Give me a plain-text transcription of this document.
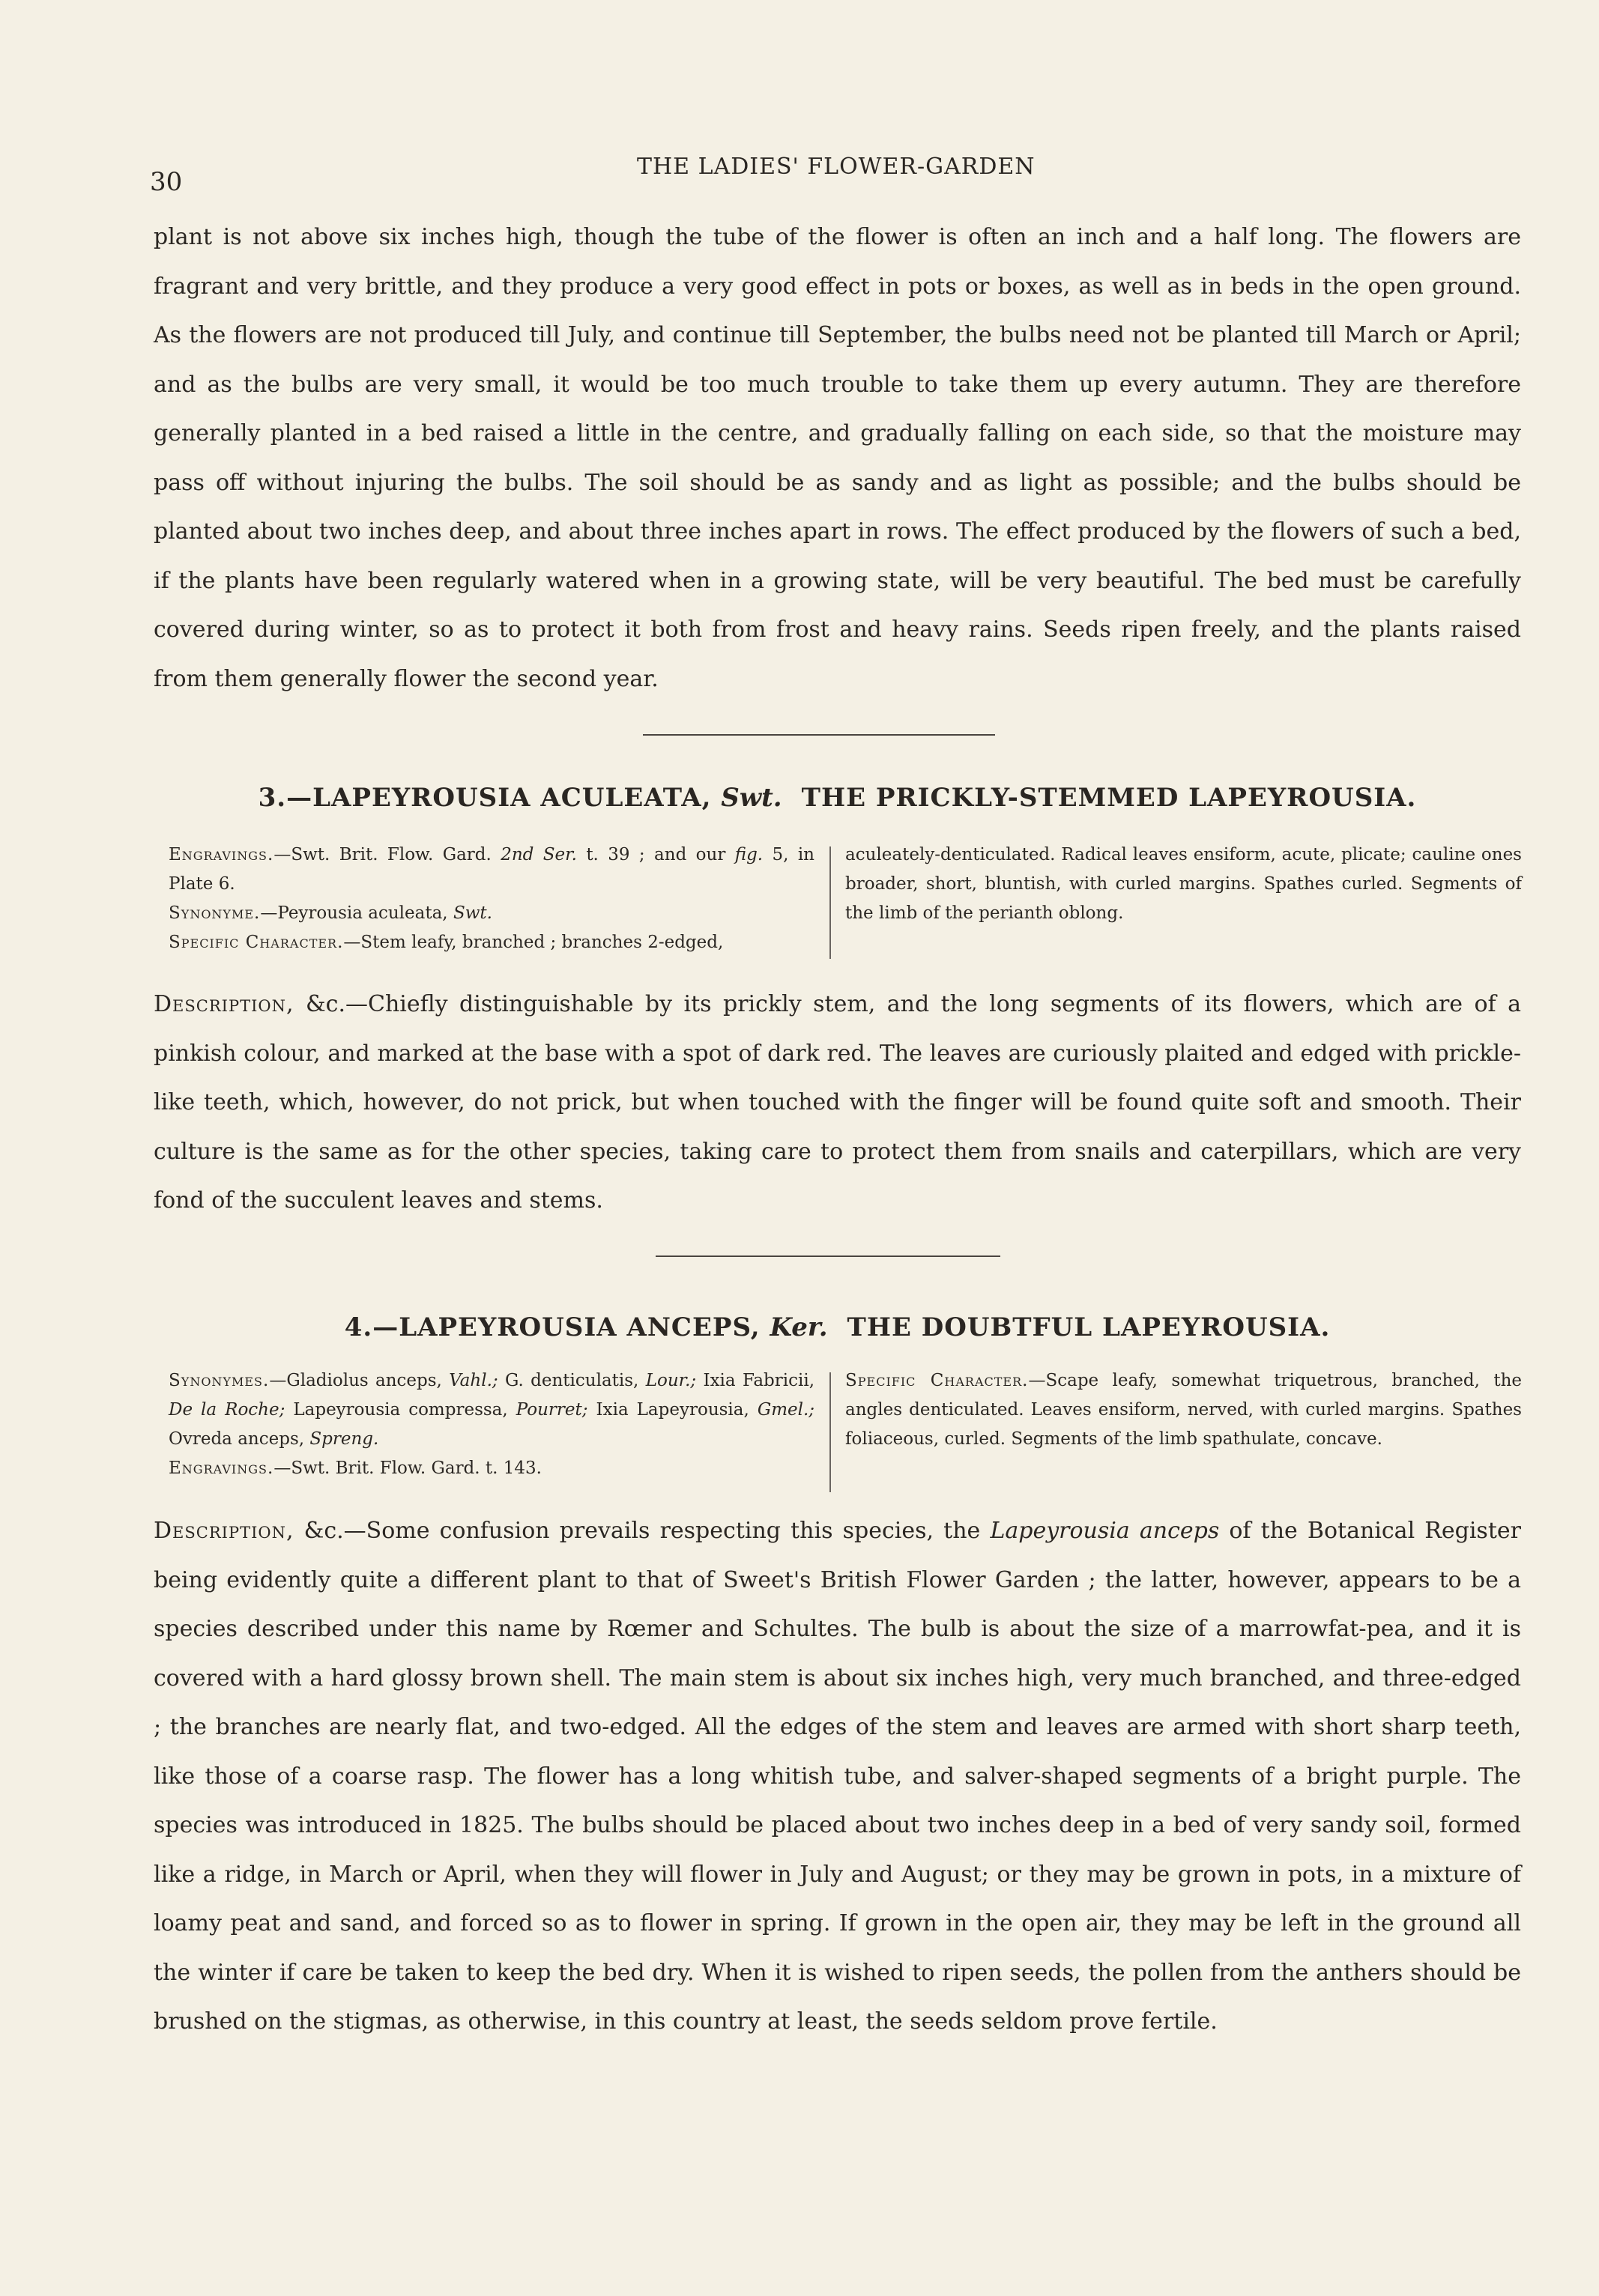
30
THE LADIES' FLOWER-GARDEN

plant is not above six inches high, though the tube of the flower is often an inch and a half long. The flowers are fragrant and very brittle, and they produce a very good effect in pots or boxes, as well as in beds in the open ground. As the flowers are not produced till July, and continue till September, the bulbs need not be planted till March or April; and as the bulbs are very small, it would be too much trouble to take them up every autumn. They are therefore generally planted in a bed raised a little in the centre, and gradually falling on each side, so that the moisture may pass off without injuring the bulbs. The soil should be as sandy and as light as possible; and the bulbs should be planted about two inches deep, and about three inches apart in rows. The effect produced by the flowers of such a bed, if the plants have been regularly watered when in a growing state, will be very beautiful. The bed must be carefully covered during winter, so as to protect it both from frost and heavy rains. Seeds ripen freely, and the plants raised from them generally flower the second year.

3.—LAPEYROUSIA ACULEATA, Swt. THE PRICKLY-STEMMED LAPEYROUSIA.
Engravings.—Swt. Brit. Flow. Gard. 2nd Ser. t. 39 ; and our fig. 5, in Plate 6.
Synonyme.—Peyrousia aculeata, Swt.
Specific Character.—Stem leafy, branched ; branches 2-edged,
aculeately-denticulated. Radical leaves ensiform, acute, plicate; cauline ones broader, short, bluntish, with curled margins. Spathes curled. Segments of the limb of the perianth oblong.

Description, &c.—Chiefly distinguishable by its prickly stem, and the long segments of its flowers, which are of a pinkish colour, and marked at the base with a spot of dark red. The leaves are curiously plaited and edged with prickle-like teeth, which, however, do not prick, but when touched with the finger will be found quite soft and smooth. Their culture is the same as for the other species, taking care to protect them from snails and caterpillars, which are very fond of the succulent leaves and stems.

4.—LAPEYROUSIA ANCEPS, Ker. THE DOUBTFUL LAPEYROUSIA.
Synonymes.—Gladiolus anceps, Vahl.; G. denticulatis, Lour.; Ixia Fabricii, De la Roche; Lapeyrousia compressa, Pourret; Ixia Lapeyrousia, Gmel.; Ovreda anceps, Spreng.
Engravings.—Swt. Brit. Flow. Gard. t. 143.
Specific Character.—Scape leafy, somewhat triquetrous, branched, the angles denticulated. Leaves ensiform, nerved, with curled margins. Spathes foliaceous, curled. Segments of the limb spathulate, concave.

Description, &c.—Some confusion prevails respecting this species, the Lapeyrousia anceps of the Botanical Register being evidently quite a different plant to that of Sweet's British Flower Garden ; the latter, however, appears to be a species described under this name by Rœmer and Schultes. The bulb is about the size of a marrowfat-pea, and it is covered with a hard glossy brown shell. The main stem is about six inches high, very much branched, and three-edged ; the branches are nearly flat, and two-edged. All the edges of the stem and leaves are armed with short sharp teeth, like those of a coarse rasp. The flower has a long whitish tube, and salver-shaped segments of a bright purple. The species was introduced in 1825. The bulbs should be placed about two inches deep in a bed of very sandy soil, formed like a ridge, in March or April, when they will flower in July and August; or they may be grown in pots, in a mixture of loamy peat and sand, and forced so as to flower in spring. If grown in the open air, they may be left in the ground all the winter if care be taken to keep the bed dry. When it is wished to ripen seeds, the pollen from the anthers should be brushed on the stigmas, as otherwise, in this country at least, the seeds seldom prove fertile.
